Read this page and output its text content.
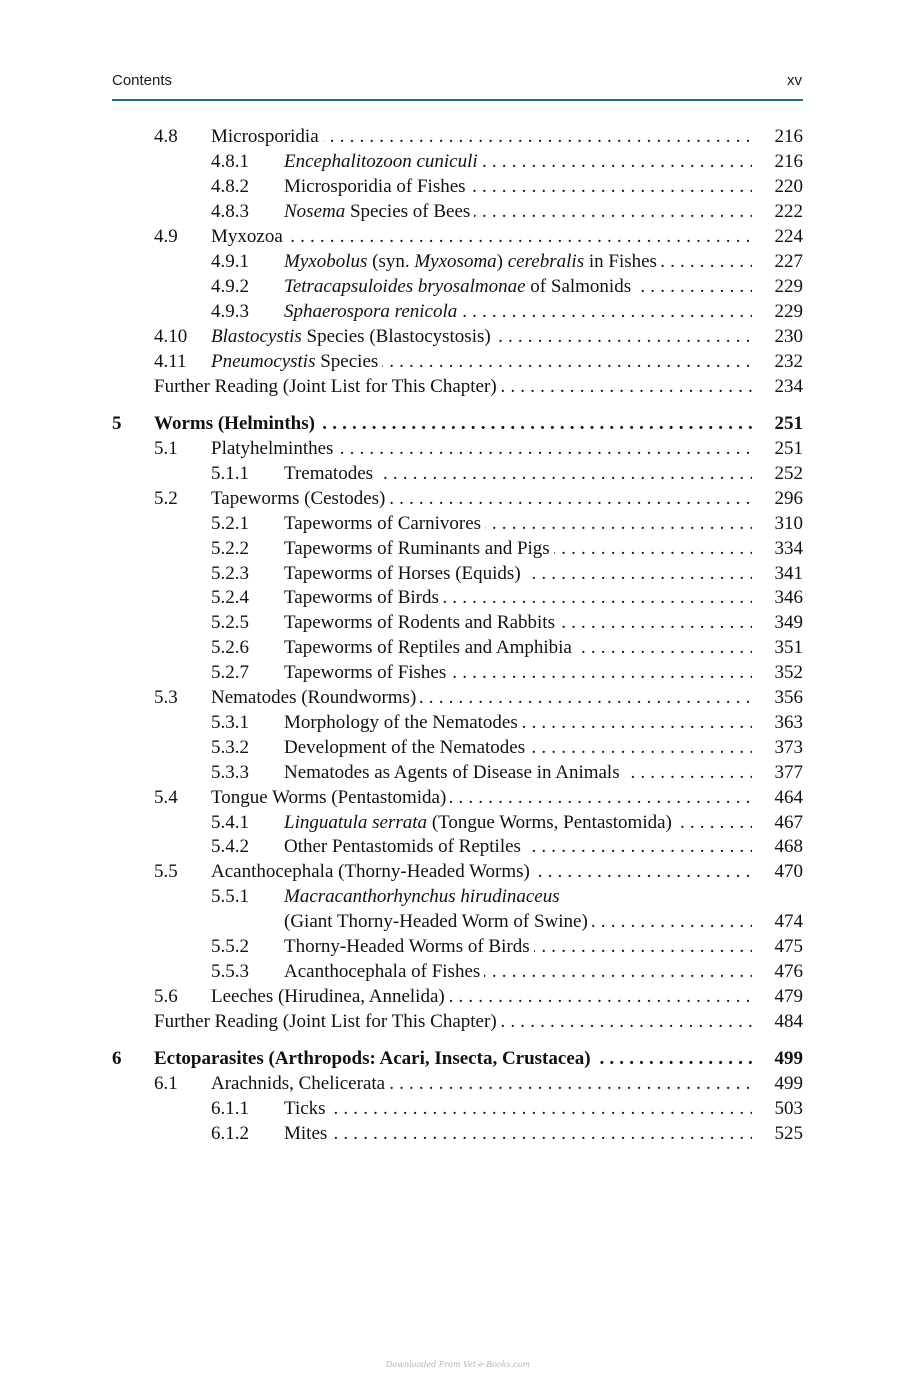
Contents	xv
4.8 Microsporidia . . .	216
4.8.1 Encephalitozoon cuniculi . . .	216
4.8.2 Microsporidia of Fishes . . .	220
4.8.3 Nosema Species of Bees . . .	222
4.9 Myxozoa . . .	224
4.9.1 Myxobolus (syn. Myxosoma) cerebralis in Fishes . . .	227
4.9.2 Tetracapsuloides bryosalmonae of Salmonids . . .	229
4.9.3 Sphaerospora renicola . . .	229
4.10 Blastocystis Species (Blastocystosis) . . .	230
4.11 Pneumocystis Species . . .	232
Further Reading (Joint List for This Chapter) . . .	234
5 Worms (Helminths) . . .	251
5.1 Platyhelminthes . . .	251
5.1.1 Trematodes . . .	252
5.2 Tapeworms (Cestodes) . . .	296
5.2.1 Tapeworms of Carnivores . . .	310
5.2.2 Tapeworms of Ruminants and Pigs . . .	334
5.2.3 Tapeworms of Horses (Equids) . . .	341
5.2.4 Tapeworms of Birds . . .	346
5.2.5 Tapeworms of Rodents and Rabbits . . .	349
5.2.6 Tapeworms of Reptiles and Amphibia . . .	351
5.2.7 Tapeworms of Fishes . . .	352
5.3 Nematodes (Roundworms) . . .	356
5.3.1 Morphology of the Nematodes . . .	363
5.3.2 Development of the Nematodes . . .	373
5.3.3 Nematodes as Agents of Disease in Animals . . .	377
5.4 Tongue Worms (Pentastomida) . . .	464
5.4.1 Linguatula serrata (Tongue Worms, Pentastomida) . . .	467
5.4.2 Other Pentastomids of Reptiles . . .	468
5.5 Acanthocephala (Thorny-Headed Worms) . . .	470
5.5.1 Macracanthorhynchus hirudinaceus
(Giant Thorny-Headed Worm of Swine) . . .	474
5.5.2 Thorny-Headed Worms of Birds . . .	475
5.5.3 Acanthocephala of Fishes . . .	476
5.6 Leeches (Hirudinea, Annelida) . . .	479
Further Reading (Joint List for This Chapter) . . .	484
6 Ectoparasites (Arthropods: Acari, Insecta, Crustacea) . . .	499
6.1 Arachnids, Chelicerata . . .	499
6.1.1 Ticks . . .	503
6.1.2 Mites . . .	525
Downloaded From Vet-e-Books.com
